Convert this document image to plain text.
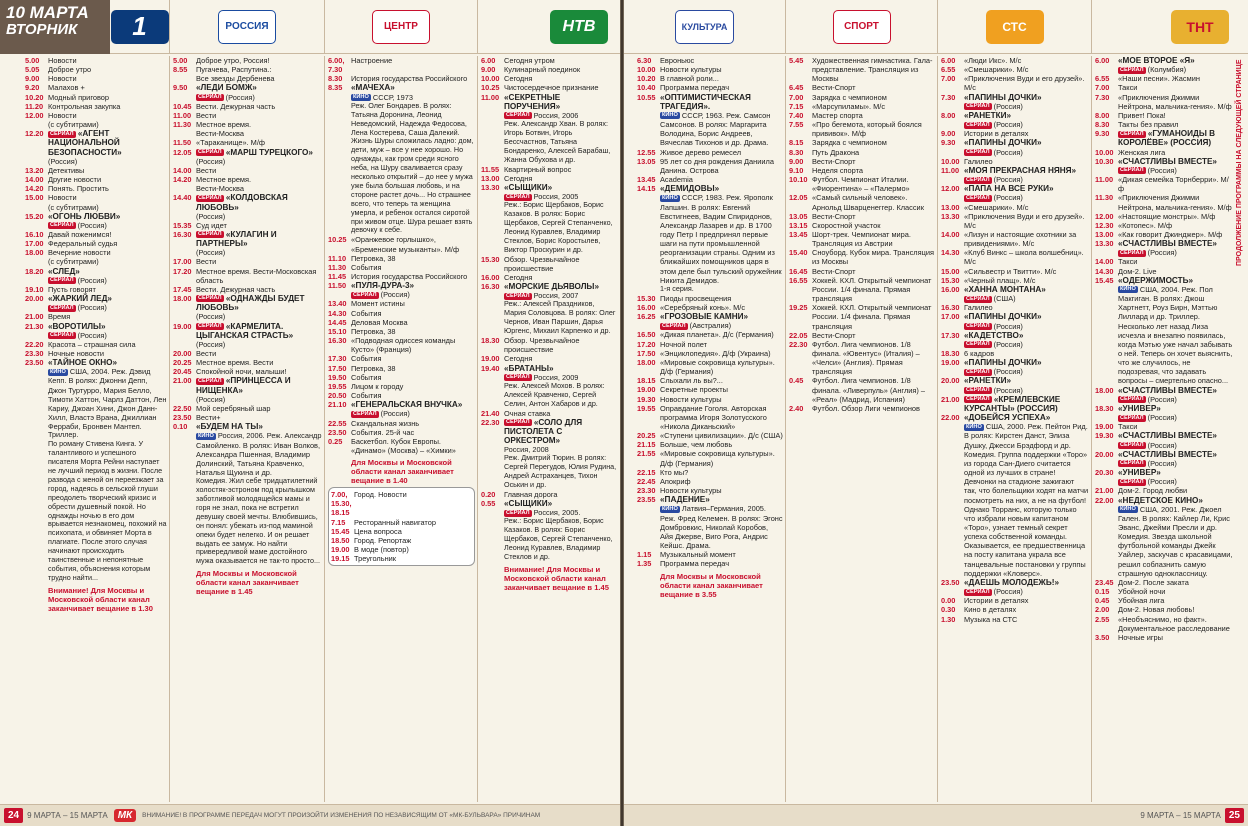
10 МАРТА
ВТОРНИК	1	РОССИЯ	ЦЕНТР	НТВ
5.00	Новости
5.05	Доброе утро
9.00	Новости
9.20	Малахов +
10.20 Модный приговор
11.20 Контрольная закупка
12.00 Новости
(с субтитрами)
12.20	СЕРИАЛ «АГЕНТ НАЦИОНАЛЬНОЙ БЕЗОПАСНОСТИ»
(Россия)
13.20 Детективы
14.00 Другие новости
14.20 Понять. Простить
15.00 Новости
(с субтитрами)
15.20 «ОГОНЬ ЛЮБВИ»
СЕРИАЛ (Россия)
16.10 Давай поженимся!
17.00 Федеральный судья
18.00 Вечерние новости
(с субтитрами)
18.20 «СЛЕД»
СЕРИАЛ (Россия)
19.10 Пусть говорят
20.00 «ЖАРКИЙ ЛЕД»
СЕРИАЛ (Россия)
21.00 Время
21.30 «ВОРОТИЛЫ»
СЕРИАЛ (Россия)
22.20 Красота – страшная сила
23.30 Ночные новости
23.50 «ТАЙНОЕ ОКНО»
КИНО США, 2004. Реж. Дэвид Кепп. В ролях: Джонни Депп, Джон Туртурро, Мария Белло, Тимоти Хаттон, Чарлз Даттон, Лен Кариу, Джоан Хини, Джон Данн-Хилл, Властэ Врана, Джиллиан Ферраби, Бронвен Мантел.
Триллер.
По роману Стивена Кинга. У талантливого и успешного писателя Морта Рейни наступает не лучший период в жизни. После развода с женой он переезжает за город, надеясь в сельской глуши преодолеть творческий кризис и обрести душевный покой. Но однажды ночью в его дом врывается незнакомец, похожий на психопата, и обвиняет Морта в плагиате. После этого случая начинают происходить таинственные и непонятные события, объяснения которым трудно найти...
Внимание! Для Москвы и Московской области канал заканчивает вещание в 1.30
5.00	Доброе утро, Россия!
8.55	Пугачева, Распутина.:
Все звезды Дербенева
9.50	«ЛЕДИ БОМЖ»
СЕРИАЛ (Россия)
10.45 Вести. Дежурная часть
11.00 Вести
11.30 Местное время.
Вести-Москва
11.50 «Тараканище». М/ф
12.05	СЕРИАЛ «МАРШ ТУРЕЦКОГО»
(Россия)
14.00 Вести
14.20 Местное время.
Вести-Москва
14.40	СЕРИАЛ «КОЛДОВСКАЯ ЛЮБОВЬ»
(Россия)
15.35 Суд идет
16.30	СЕРИАЛ «КУЛАГИН И ПАРТНЕРЫ»
(Россия)
17.00 Вести
17.20 Местное время. Вести-Московская область
17.45 Вести. Дежурная часть
18.00	СЕРИАЛ «ОДНАЖДЫ БУДЕТ ЛЮБОВЬ»
(Россия)
19.00	СЕРИАЛ «КАРМЕЛИТА. ЦЫГАНСКАЯ СТРАСТЬ»
(Россия)
20.00 Вести
20.25 Местное время. Вести
20.45 Спокойной ночи, малыши!
21.00	СЕРИАЛ «ПРИНЦЕССА И НИЩЕНКА»
(Россия)
22.50 Мой серебряный шар
23.50 Вести+
0.10	«БУДЕМ НА ТЫ»
КИНО Россия, 2006. Реж. Александр Самойленко. В ролях: Иван Волков, Александра Пшенная, Владимир Долинский, Татьяна Кравченко, Наталья Щукина и др.
Комедия. Жил себе тридцатилетний холостяк-эстроном под крылышком заботливой молодящейся мамы и горя не знал, пока не встретил девушку своей мечты. Влюбившись, он понял: убежать из-под маминой опеки будет нелегко. И он решает выдать ее замуж. Но найти привередливой маме достойного мужа оказывается не так-то просто...
Для Москвы и Московской области канал заканчивает вещание в 1.45
6.00, 7.30
Настроение
8.30	История государства Российского
8.35	«МАЧЕХА»
КИНО СССР, 1973
Реж. Олег Бондарев. В ролях: Татьяна Доронина, Леонид Неведомский, Надежда Федосова, Лена Костерева, Саша Далекий. Жизнь Шуры сложилась ладно: дом, дети, муж – все у нее хорошо. Но однажды, как гром среди ясного неба, на Шуру сваливается сразу несколько открытий – до нее у мужа уже была большая любовь, и на стороне растет дочь... Но страшнее всего, что теперь та женщина умерла, и ребенок остался сиротой при живом отце. Шура решает взять девочку к себе.
10.25 «Оранжевое горлышко», «Бременские музыканты». М/ф
11.10 Петровка, 38
11.30 События
11.45 История государства Российского
11.50 «ПУЛЯ-ДУРА-3»
СЕРИАЛ (Россия)
13.40 Момент истины
14.30 События
14.45 Деловая Москва
15.10 Петровка, 38
16.30 «Подводная одиссея команды Кусто» (Франция)
17.30 События
17.50 Петровка, 38
19.50 События
19.55 Лицом к городу
20.50 События
21.10 «ГЕНЕРАЛЬСКАЯ ВНУЧКА»
СЕРИАЛ (Россия)
22.55 Скандальная жизнь
23.50 События. 25-й час
0.25	Баскетбол. Кубок Европы. «Динамо» (Москва) – «Химки»
Для Москвы и Московской области канал заканчивает вещание в 1.40
7.00, 15.30, 18.15
Город. Новости
7.15	Ресторанный навигатор
15.45 Цена вопроса
18.50 Город. Репортаж
19.00 В моде (повтор)
19.15 Треугольник
6.00	Сегодня утром
9.00	Кулинарный поединок
10.00 Сегодня
10.25 Чистосердечное признание
11.00 «СЕКРЕТНЫЕ ПОРУЧЕНИЯ»
СЕРИАЛ Россия, 2006
Реж. Александр Хван. В ролях: Игорь Ботвин, Игорь Бессчастнов, Татьяна Бондаренко, Алексей Барабаш, Жанна Обухова и др.
11.55 Квартирный вопрос
13.00 Сегодня
13.30 «СЫЩИКИ»
СЕРИАЛ Россия, 2005
Реж.: Борис Щербаков, Борис Казаков. В ролях: Борис Щербаков, Сергей Степанченко, Леонид Куравлев, Владимир Стеклов, Борис Коростылев, Виктор Проскурин и др.
15.30 Обзор. Чрезвычайное происшествие
16.00 Сегодня
16.30 «МОРСКИЕ ДЬЯВОЛЫ»
СЕРИАЛ Россия, 2007
Реж.: Алексей Праздников, Мария Соловцова. В ролях: Олег Чернов, Иван Паршин, Дарья Юргенс, Михаил Карпенко и др.
18.30 Обзор. Чрезвычайное происшествие
19.00 Сегодня
19.40 «БРАТАНЫ»
СЕРИАЛ Россия, 2009
Реж. Алексей Мохов. В ролях: Алексей Кравченко, Сергей Селин, Антон Хабаров и др.
21.40 Очная ставка
22.30	СЕРИАЛ «СОЛО ДЛЯ ПИСТОЛЕТА С ОРКЕСТРОМ»
Россия, 2008
Реж. Дмитрий Тюрин. В ролях: Сергей Перегудов, Юлия Рудина, Андрей Астраханцев, Тихон Оськин и др.
0.20	Главная дорога
0.55	«СЫЩИКИ»
СЕРИАЛ Россия, 2005.
Реж.: Борис Щербаков, Борис Казаков. В ролях: Борис Щербаков, Сергей Степанченко, Леонид Куравлев, Владимир Стеклов и др.
Внимание! Для Москвы и Московской области канал заканчивает вещание в 1.45
24	9 МАРТА – 15 МАРТА	МК	ВНИМАНИЕ! В ПРОГРАММЕ ПЕРЕДАЧ МОГУТ ПРОИЗОЙТИ ИЗМЕНЕНИЯ ПО НЕЗАВИСЯЩИМ ОТ «МК-БУЛЬВАРА» ПРИЧИНАМ
КУЛЬТУРА	СПОРТ	СТС	ТНТ
6.30	Евроньюс
10.00 Новости культуры
10.20 В главной роли...
10.40 Программа передач
10.55 «ОПТИМИСТИЧЕСКАЯ ТРАГЕДИЯ».
КИНО СССР, 1963. Реж. Самсон Самсонов. В ролях: Маргарита Володина, Борис Андреев, Вячеслав Тихонов и др. Драма.
12.55 Живое дерево ремесел
13.05 95 лет со дня рождения Даниила Данина. Острова
13.45 Academia
14.15 «ДЕМИДОВЫ»
КИНО СССР, 1983. Реж. Ярополк Лапшин. В ролях: Евгений Евстигнеев, Вадим Спиридонов, Александр Лазарев и др. В 1700 году Петр I предпринял первые шаги на пути промышленной реорганизации страны. Одним из ближайших помощников царя в этом деле был тульский оружейник Никита Демидов.
1-я серия.
15.30 Пиоды просвещения
16.00 «Серебряный конь». М/с
16.25 «ГРОЗОВЫЕ КАМНИ»
СЕРИАЛ (Австралия)
16.50 «Дикая планета». Д/с (Германия)
17.20 Ночной полет
17.50 «Энциклопедия». Д/ф (Украина)
18.00 «Мировые сокровища культуры». Д/ф (Германия)
18.15 Слыхали ль вы?...
19.00 Секретные проекты
19.30 Новости культуры
19.55 Оправдание Гоголя. Авторская программа Игоря Золотусского «Никола Диканьский»
20.25 «Ступени цивилизации». Д/с (США)
21.15 Больше, чем любовь
21.55 «Мировые сокровища культуры». Д/ф (Германия)
22.15 Кто мы?
22.45 Апокриф
23.30 Новости культуры
23.55 «ПАДЕНИЕ»
КИНО Латвия–Германия, 2005. Реж. Фред Келемен. В ролях: Эгонс Домбровкис, Николай Коробов, Айя Джерве, Виго Рога, Андрис Кейшс. Драма.
1.15	Музыкальный момент
1.35	Программа передач
Для Москвы и Московской области канал заканчивает вещание в 3.55
5.45	Художественная гимнастика. Гала-представление. Трансляция из Москвы
6.45	Вести-Спорт
7.00	Зарядка с чемпионом
7.15	«Марсупиламы». М/с
7.40	Мастер спорта
7.55	«Про бегемота, который боялся прививок». М/ф
8.15	Зарядка с чемпионом
8.30	Путь Дракона
9.00	Вести-Спорт
9.10	Неделя спорта
10.10 Футбол. Чемпионат Италии. «Фиорентина» – «Палермо»
12.05 «Самый сильный человек». Арнольд Шварценеггер. Классик
13.05 Вести-Спорт
13.15 Скоростной участок
13.45 Шорт-трек. Чемпионат мира. Трансляция из Австрии
15.40 Сноуборд. Кубок мира. Трансляция из Москвы
16.45 Вести-Спорт
16.55 Хоккей. КХЛ. Открытый чемпионат России. 1/4 финала. Прямая трансляция
19.25 Хоккей. КХЛ. Открытый чемпионат России. 1/4 финала. Прямая трансляция
22.05 Вести-Спорт
22.30 Футбол. Лига чемпионов. 1/8 финала. «Ювентус» (Италия) – «Челси» (Англия). Прямая трансляция
0.45	Футбол. Лига чемпионов. 1/8 финала. «Ливерпуль» (Англия) – «Реал» (Мадрид, Испания)
2.40	Футбол. Обзор Лиги чемпионов
6.00	«Люди Икс». М/с
6.55	«Смешарики». М/с
7.00	«Приключения Вуди и его друзей». М/с
7.30	«ПАПИНЫ ДОЧКИ»
СЕРИАЛ (Россия)
8.00	«РАНЕТКИ»
СЕРИАЛ (Россия)
9.00	Истории в деталях
9.30	«ПАПИНЫ ДОЧКИ»
СЕРИАЛ (Россия)
10.00 Галилео
11.00 «МОЯ ПРЕКРАСНАЯ НЯНЯ»
СЕРИАЛ (Россия)
12.00 «ПАПА НА ВСЕ РУКИ»
СЕРИАЛ (Россия)
13.00 «Смешарики». М/с
13.30 «Приключения Вуди и его друзей». М/с
14.00 «Лизун и настоящие охотники за привидениями». М/с
14.30 «Клуб Винкс – школа волшебниц». М/с
15.00 «Сильвестр и Твитти». М/с
15.30 «Черный плащ». М/с
16.00 «ХАННА МОНТАНА»
СЕРИАЛ (США)
16.30 Галилео
17.00 «ПАПИНЫ ДОЧКИ»
СЕРИАЛ (Россия)
17.30 «КАДЕТСТВО»
СЕРИАЛ (Россия)
18.30 6 кадров
19.00 «ПАПИНЫ ДОЧКИ»
СЕРИАЛ (Россия)
20.00 «РАНЕТКИ»
СЕРИАЛ (Россия)
21.00	СЕРИАЛ «КРЕМЛЕВСКИЕ КУРСАНТЫ» (РОССИЯ)
22.00 «ДОБЕЙСЯ УСПЕХА»
КИНО США, 2000. Реж. Пейтон Рид. В ролях: Кирстен Данст, Элиза Душку, Джесси Брэдфорд и др. Комедия. Группа поддержки «Торо» из города Сан-Диего считается одной из лучших в стране! Девчонки на стадионе зажигают так, что болельщики ходят на матчи посмотреть на них, а не на футбол! Однако Торранс, которую только что избрали новым капитаном «Торо», узнает темный секрет успеха собственной команды. Оказывается, ее предшественница на посту капитана украла все танцевальные постановки у группы поддержки «Кловерс».
23.50 «ДАЕШЬ МОЛОДЕЖЬ!»
СЕРИАЛ (Россия)
0.00	Истории в деталях
0.30	Кино в деталях
1.30	Музыка на СТС
6.00	«МОЕ ВТОРОЕ «Я»
СЕРИАЛ (Колумбия)
6.55	«Наши песни». Жасмин
7.00	Такси
7.30	«Приключения Джимми Нейтрона, мальчика-гения». М/ф
8.00	Привет! Пока!
8.30	Такты без правил
9.30	СЕРИАЛ «ГУМАНОИДЫ В КОРОЛЁВЕ» (РОССИЯ)
10.00 Женская лига
10.30 «СЧАСТЛИВЫ ВМЕСТЕ»
СЕРИАЛ (Россия)
11.00 «Дикая семейка Торнберри». М/ф
11.30 «Приключения Джимми Нейтрона, мальчика-гения». М/ф
12.00 «Настоящие монстры». М/ф
12.30 «Котопес». М/ф
13.00 «Как говорит Джинджер». М/ф
13.30 «СЧАСТЛИВЫ ВМЕСТЕ»
СЕРИАЛ (Россия)
14.00 Такси
14.30 Дом-2. Live
15.45 «ОДЕРЖИМОСТЬ»
КИНО США, 2004. Реж. Пол Макгиган. В ролях: Джош Хартнетт, Роуз Бирн, Мэттью Лиллард и др. Триллер. Несколько лет назад Лиза исчезла и внезапно появилась, когда Мэтью уже начал забывать о ней. Теперь он хочет выяснить, что же случилось, не подозревая, что задавать вопросы – смертельно опасно...
18.00 «СЧАСТЛИВЫ ВМЕСТЕ»
СЕРИАЛ (Россия)
18.30 «УНИВЕР»
СЕРИАЛ (Россия)
19.00 Такси
19.30 «СЧАСТЛИВЫ ВМЕСТЕ»
СЕРИАЛ (Россия)
20.00 «СЧАСТЛИВЫ ВМЕСТЕ»
СЕРИАЛ (Россия)
20.30 «УНИВЕР»
СЕРИАЛ (Россия)
21.00 Дом-2. Город любви
22.00 «НЕДЕТСКОЕ КИНО»
КИНО США, 2001. Реж. Джоел Гален. В ролях: Кайлер Ли, Крис Эванс, Джейми Пресли и др. Комедия. Звезда школьной футбольной команды Джейк Уайлер, заскучав с красавицами, решил соблазнить самую страшную одноклассницу.
23.45 Дом-2. После заката
0.15	Убойной ночи
0.45	Убойная лига
2.00	Дом-2. Новая любовь!
2.55	«Необъяснимо, но факт». Документальное расследование
3.50	Ночные игры
ПРОДОЛЖЕНИЕ ПРОГРАММЫ НА СЛЕДУЮЩЕЙ СТРАНИЦЕ
9 МАРТА – 15 МАРТА 25
